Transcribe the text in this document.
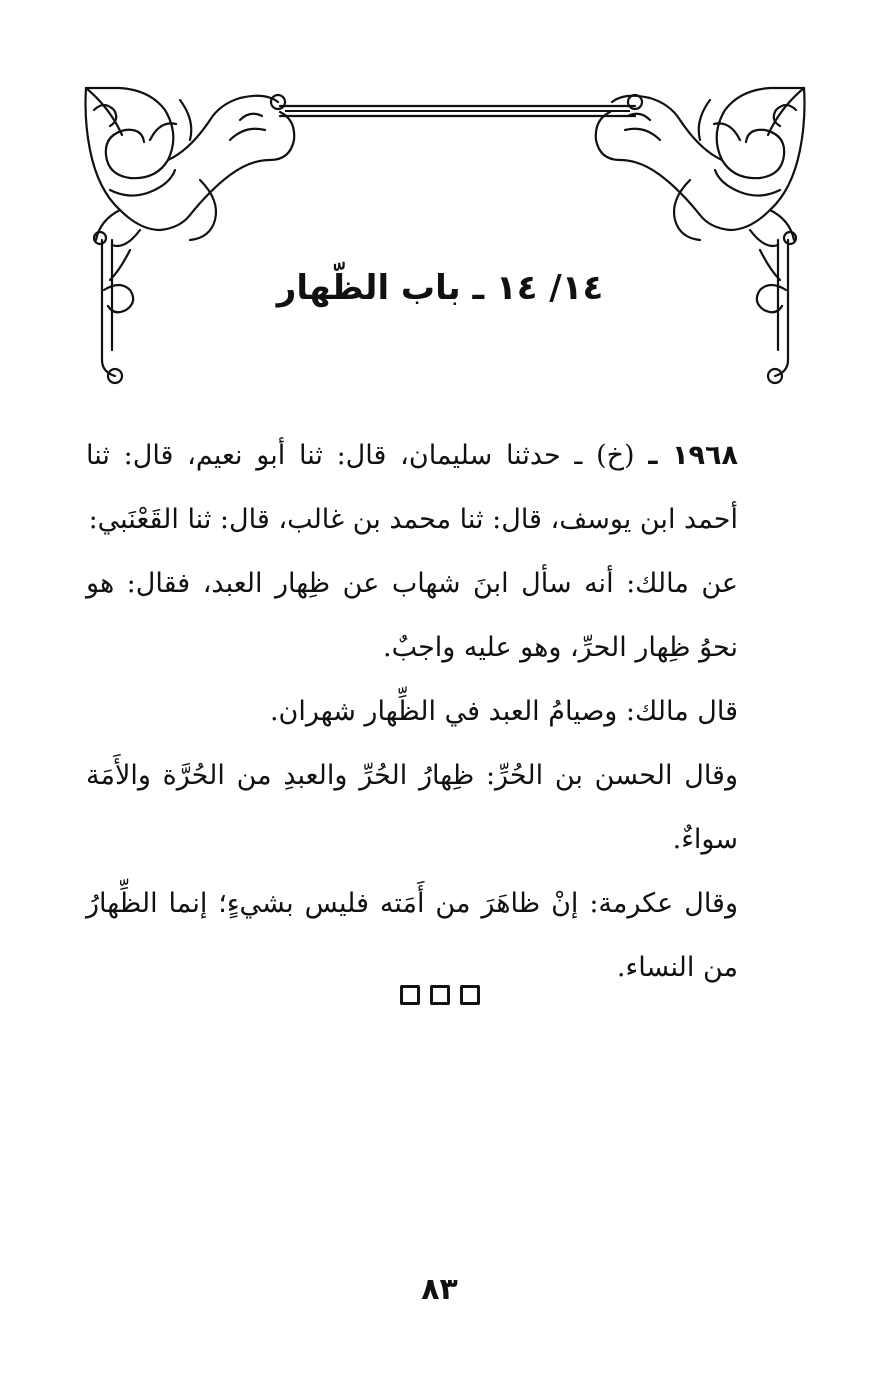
١٤/ ١٤ ـ باب الظّهار

١٩٦٨ ـ (خ) ـ حدثنا سليمان، قال: ثنا أبو نعيم، قال: ثنا أحمد ابن يوسف، قال: ثنا محمد بن غالب، قال: ثنا القَعْنَبي:

عن مالك: أنه سأل ابنَ شهاب عن ظِهار العبد، فقال: هو نحوُ ظِهار الحرِّ، وهو عليه واجبٌ.

قال مالك: وصيامُ العبد في الظِّهار شهران.

وقال الحسن بن الحُرِّ: ظِهارُ الحُرِّ والعبدِ من الحُرَّة والأَمَة سواءٌ.

وقال عكرمة: إنْ ظاهَرَ من أَمَته فليس بشيءٍ؛ إنما الظِّهارُ من النساء.

٨٣
